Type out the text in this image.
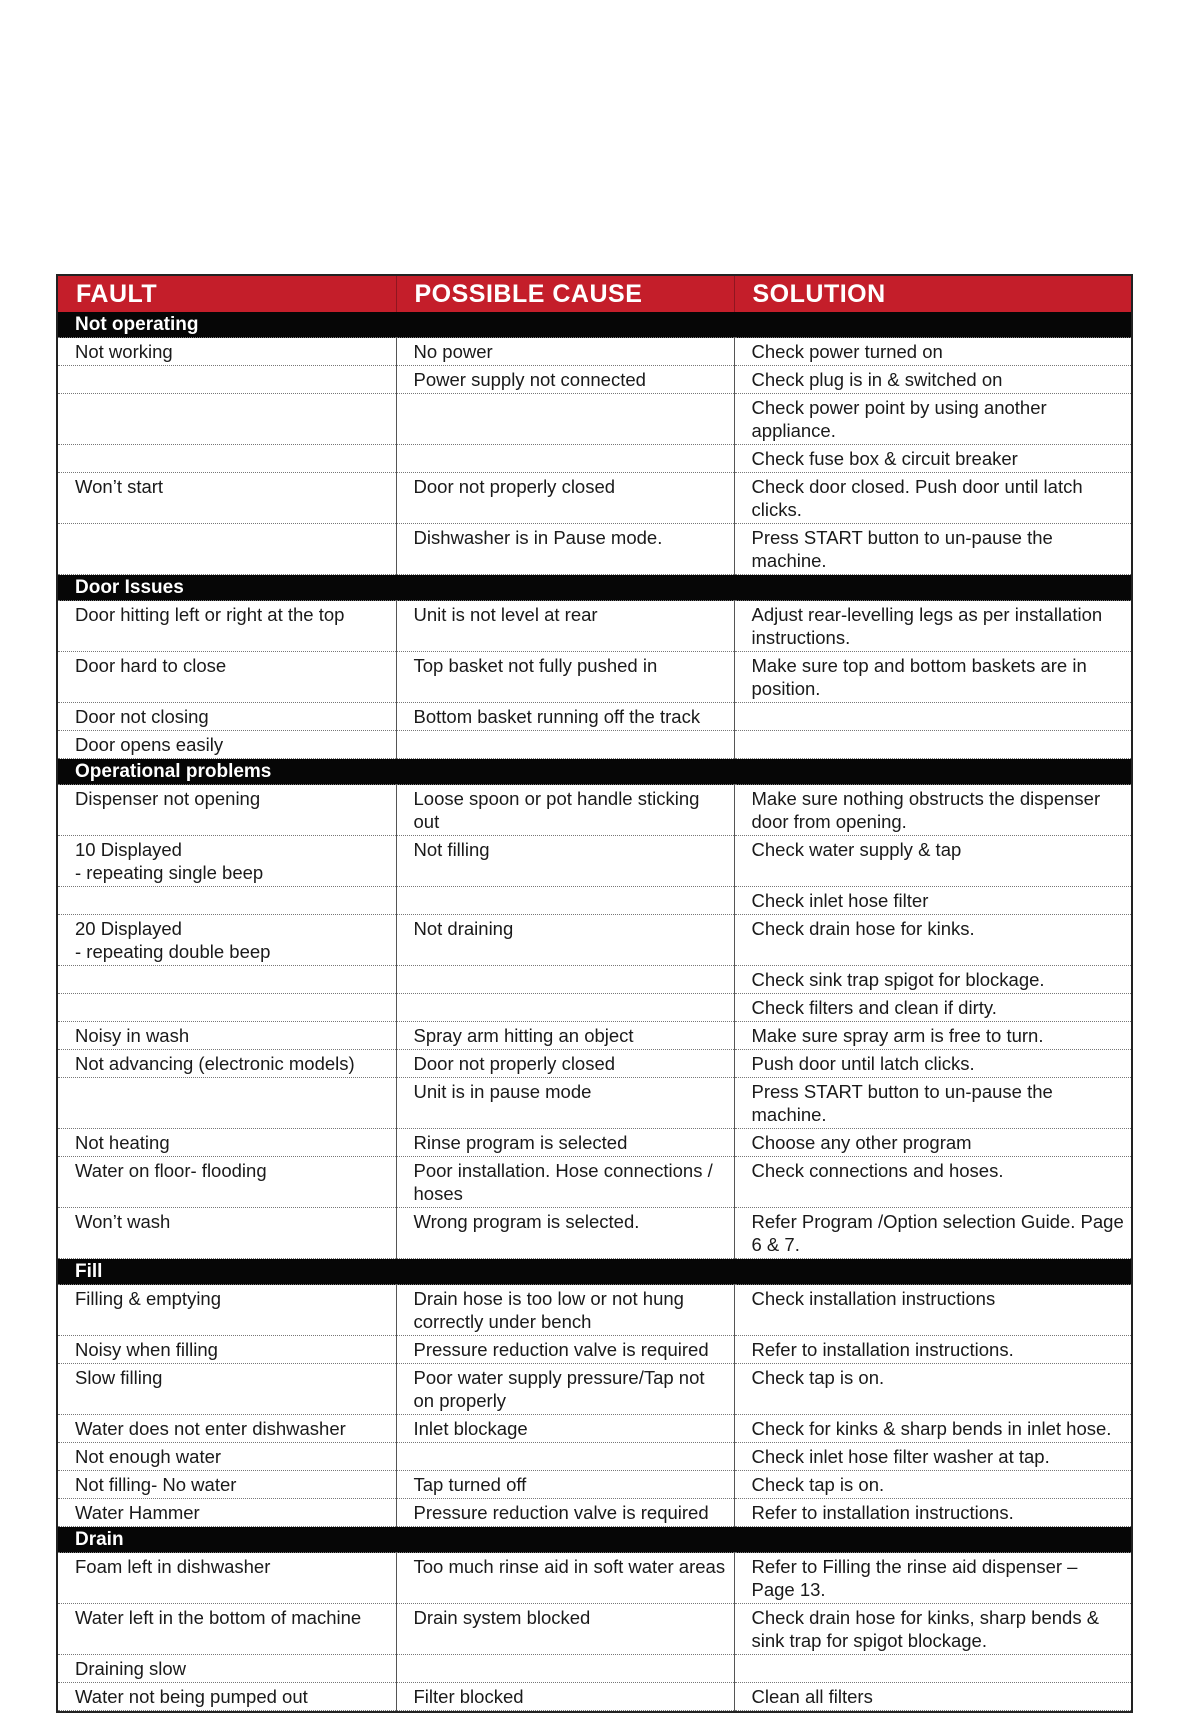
FAULT	POSSIBLE CAUSE	SOLUTION
Not operating		
Not working	No power	Check power turned on
	Power supply not connected	Check plug is in & switched on
		Check power point by using another appliance.
		Check fuse box & circuit breaker
Won’t start	Door not properly closed	Check door closed. Push door until latch clicks.
	Dishwasher is in Pause mode.	Press START button to un-pause the machine.
Door Issues		
Door hitting left or right at the top	Unit is not level at rear	Adjust rear-levelling legs as per installation instructions.
Door hard to close	Top basket not fully pushed in	Make sure top and bottom baskets are in position.
Door not closing	Bottom basket running off the track	
Door opens easily		
Operational problems		
Dispenser not opening	Loose spoon or pot handle sticking out	Make sure nothing obstructs the dispenser door from opening.
10 Displayed
- repeating single beep	Not filling	Check water supply & tap
		Check inlet hose filter
20 Displayed
- repeating double beep	Not draining	Check drain hose for kinks.
		Check sink trap spigot for blockage.
		Check filters and clean if dirty.
Noisy in wash	Spray arm hitting an object	Make sure spray arm is free to turn.
Not advancing (electronic models)	Door not properly closed	Push door until latch clicks.
	Unit is in pause mode	Press START button to un-pause the machine.
Not heating	Rinse program is selected	Choose any other program
Water on floor- flooding	Poor installation. Hose connections / hoses	Check connections and hoses.
Won’t wash	Wrong program is selected.	Refer Program /Option selection Guide. Page 6 & 7.
Fill		
Filling & emptying	Drain hose is too low or not hung correctly under bench	Check installation instructions
Noisy when filling	Pressure reduction valve is required	Refer to installation instructions.
Slow filling	Poor water supply pressure/Tap not on properly	Check tap is on.
Water does not enter dishwasher	Inlet blockage	Check for kinks & sharp bends in inlet hose.
Not enough water		Check inlet hose filter washer at tap.
Not filling- No water	Tap turned off	Check tap is on.
Water Hammer	Pressure reduction valve is required	Refer to installation instructions.
Drain		
Foam left in dishwasher	Too much rinse aid in soft water areas	Refer to Filling the rinse aid dispenser – Page 13.
Water left in the bottom of machine	Drain system blocked	Check drain hose for kinks, sharp bends & sink trap for spigot blockage.
Draining slow		
Water not being pumped out	Filter blocked	Clean all filters
